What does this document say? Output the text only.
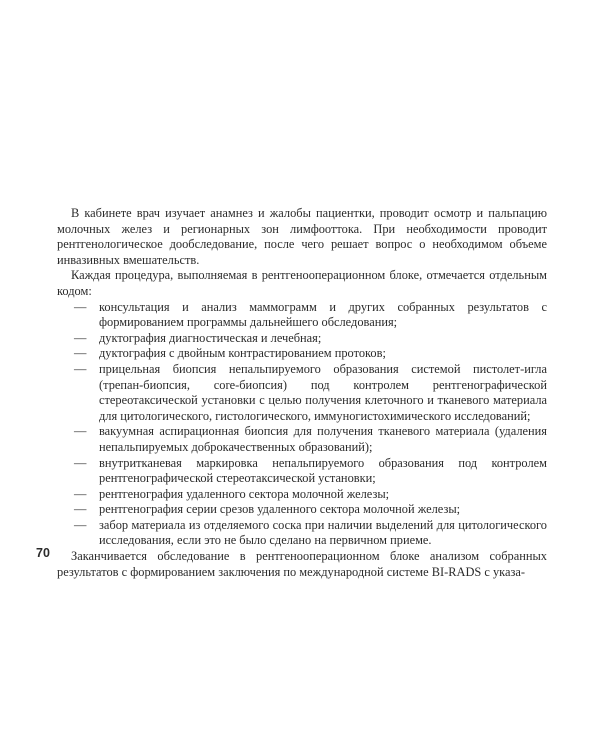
В кабинете врач изучает анамнез и жалобы пациентки, проводит осмотр и пальпацию молочных желез и регионарных зон лимфооттока. При необходимости проводит рентгенологическое дообследование, после чего решает вопрос о необходимом объеме инвазивных вмешательств.

Каждая процедура, выполняемая в рентгеноoперационном блоке, отмечается отдельным кодом:

— консультация и анализ маммограмм и других собранных результатов с формированием программы дальнейшего обследования;
— дуктография диагностическая и лечебная;
— дуктография с двойным контрастированием протоков;
— прицельная биопсия непальпируемого образования системой пистолет-игла (трепан-биопсия, core-биопсия) под контролем рентгенографической стереотаксической установки с целью получения клеточного и тканевого материала для цитологического, гистологического, иммуногистохимического исследований;
— вакуумная аспирационная биопсия для получения тканевого материала (удаления непальпируемых доброкачественных образований);
— внутритканевая маркировка непальпируемого образования под контролем рентгенографической стереотаксической установки;
— рентгенография удаленного сектора молочной железы;
— рентгенография серии срезов удаленного сектора молочной железы;
— забор материала из отделяемого соска при наличии выделений для цитологического исследования, если это не было сделано на первичном приеме.

Заканчивается обследование в рентгеноoперационном блоке анализом собранных результатов с формированием заключения по международной системе BI-RADS с указа-

70
